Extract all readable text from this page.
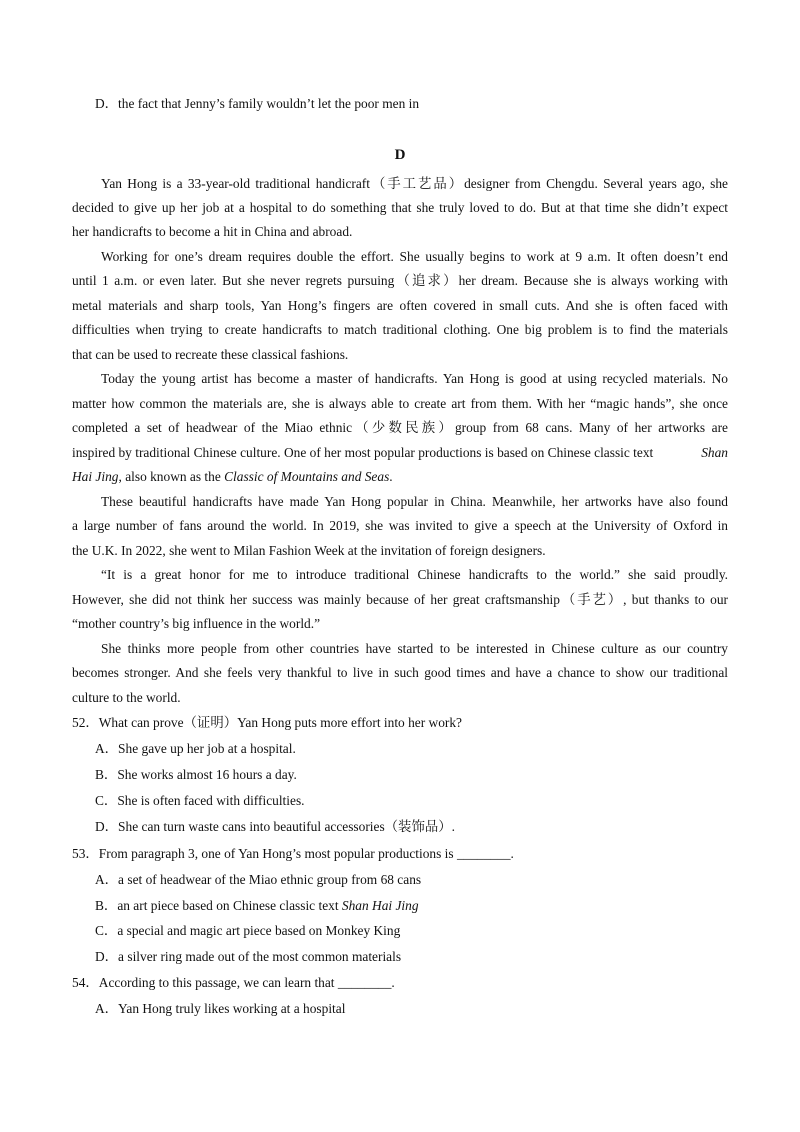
D．the fact that Jenny’s family wouldn’t let the poor men in
D
Yan Hong is a 33-year-old traditional handicraft（手工艺品）designer from Chengdu. Several years ago, she
decided to give up her job at a hospital to do something that she truly loved to do. But at that time she didn’t expect
her handicrafts to become a hit in China and abroad.
Working for one’s dream requires double the effort. She usually begins to work at 9 a.m. It often doesn’t end
until 1 a.m. or even later. But she never regrets pursuing（追求）her dream. Because she is always working with
metal materials and sharp tools, Yan Hong’s fingers are often covered in small cuts. And she is often faced with
difficulties when trying to create handicrafts to match traditional clothing. One big problem is to find the materials
that can be used to recreate these classical fashions.
Today the young artist has become a master of handicrafts. Yan Hong is good at using recycled materials. No
matter how common the materials are, she is always able to create art from them. With her “magic hands”, she once
completed a set of headwear of the Miao ethnic（少数民族）group from 68 cans. Many of her artworks are
inspired by traditional Chinese culture. One of her most popular productions is based on Chinese classic text	Shan
Hai Jing, also known as the Classic of Mountains and Seas.
These beautiful handicrafts have made Yan Hong popular in China. Meanwhile, her artworks have also found
a large number of fans around the world. In 2019, she was invited to give a speech at the University of Oxford in
the U.K. In 2022, she went to Milan Fashion Week at the invitation of foreign designers.
“It is a great honor for me to introduce traditional Chinese handicrafts to the world.” she said proudly.
However, she did not think her success was mainly because of her great craftsmanship（手艺）, but thanks to our
“mother country’s big influence in the world.”
She thinks more people from other countries have started to be interested in Chinese culture as our country
becomes stronger. And she feels very thankful to live in such good times and have a chance to show our traditional
culture to the world.
52．What can prove（证明）Yan Hong puts more effort into her work?
A．She gave up her job at a hospital.
B．She works almost 16 hours a day.
C．She is often faced with difficulties.
D．She can turn waste cans into beautiful accessories（装饰品）.
53．From paragraph 3, one of Yan Hong’s most popular productions is ________.
A．a set of headwear of the Miao ethnic group from 68 cans
B．an art piece based on Chinese classic text Shan Hai Jing
C．a special and magic art piece based on Monkey King
D．a silver ring made out of the most common materials
54．According to this passage, we can learn that ________.
A．Yan Hong truly likes working at a hospital
